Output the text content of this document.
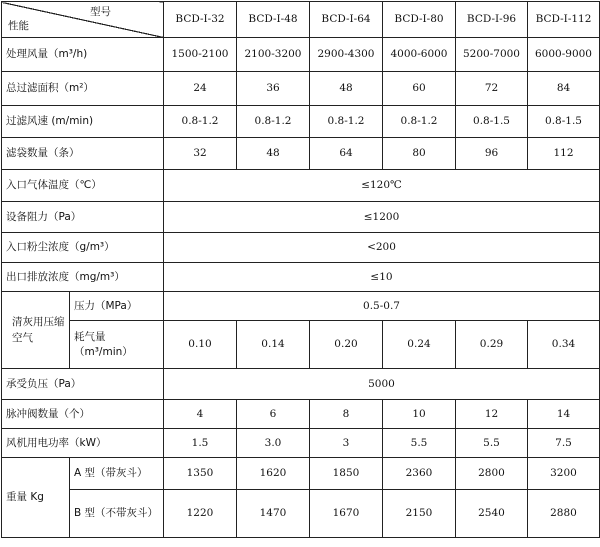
型号
性能		BCD-I-32	BCD-I-48	BCD-I-64	BCD-I-80	BCD-I-96	BCD-I-112
处理风量（m³/h)		1500-2100	2100-3200	2900-4300	4000-6000	5200-7000	6000-9000
总过滤面积（m²）		24	36	48	60	72	84
过滤风速 (m/min)		0.8-1.2	0.8-1.2	0.8-1.2	0.8-1.2	0.8-1.5	0.8-1.5
滤袋数量（条）		32	48	64	80	96	112
入口气体温度（℃）		≤120℃					
设备阻力（Pa）		≤1200					
入口粉尘浓度（g/m³）		<200					
出口排放浓度（mg/m³）		≤10					

清灰用压缩空气	压力（MPa）	0.5-0.7					
	耗气量（m³/min）	0.10	0.14	0.20	0.24	0.29	0.34
承受负压（Pa）		5000					
脉冲阀数量（个）		4	6	8	10	12	14
风机用电功率（kW）		1.5	3.0	3	5.5	5.5	7.5
重量 Kg	A 型（带灰斗）	1350	1620	1850	2360	2800	3200
	B 型（不带灰斗）	1220	1470	1670	2150	2540	2880
